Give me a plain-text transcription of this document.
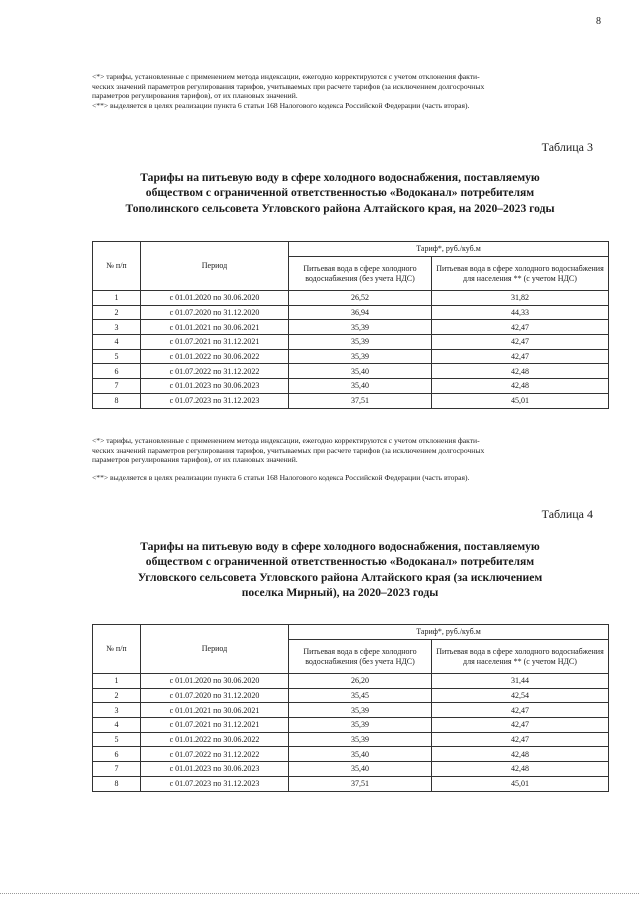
8
<*> тарифы, установленные с применением метода индексации, ежегодно корректируются с учетом отклонения факти-
ческих значений параметров регулирования тарифов, учитываемых при расчете тарифов (за исключением долгосрочных
параметров регулирования тарифов), от их плановых значений.
<**> выделяется в целях реализации пункта 6 статьи 168 Налогового кодекса Российской Федерации (часть вторая).
Таблица 3
Тарифы на питьевую воду в сфере холодного водоснабжения, поставляемую
обществом с ограниченной ответственностью «Водоканал» потребителям
Тополинского сельсовета Угловского района Алтайского края, на 2020–2023 годы
№ п/п	Период	Тариф*, руб./куб.м	
		Питьевая вода в сфере холодного водоснабжения (без учета НДС)	Питьевая вода в сфере холодного водоснабжения для населения ** (с учетом НДС)
1	с 01.01.2020 по 30.06.2020	26,52	31,82
2	с 01.07.2020 по 31.12.2020	36,94	44,33
3	с 01.01.2021 по 30.06.2021	35,39	42,47
4	с 01.07.2021 по 31.12.2021	35,39	42,47
5	с 01.01.2022 по 30.06.2022	35,39	42,47
6	с 01.07.2022 по 31.12.2022	35,40	42,48
7	с 01.01.2023 по 30.06.2023	35,40	42,48
8	с 01.07.2023 по 31.12.2023	37,51	45,01
<*> тарифы, установленные с применением метода индексации, ежегодно корректируются с учетом отклонения факти-
ческих значений параметров регулирования тарифов, учитываемых при расчете тарифов (за исключением долгосрочных
параметров регулирования тарифов), от их плановых значений.
<**> выделяется в целях реализации пункта 6 статьи 168 Налогового кодекса Российской Федерации (часть вторая).
Таблица 4
Тарифы на питьевую воду в сфере холодного водоснабжения, поставляемую
обществом с ограниченной ответственностью «Водоканал» потребителям
Угловского сельсовета Угловского района Алтайского края (за исключением
поселка Мирный), на 2020–2023 годы
№ п/п	Период	Тариф*, руб./куб.м	
		Питьевая вода в сфере холодного водоснабжения (без учета НДС)	Питьевая вода в сфере холодного водоснабжения для населения ** (с учетом НДС)
1	с 01.01.2020 по 30.06.2020	26,20	31,44
2	с 01.07.2020 по 31.12.2020	35,45	42,54
3	с 01.01.2021 по 30.06.2021	35,39	42,47
4	с 01.07.2021 по 31.12.2021	35,39	42,47
5	с 01.01.2022 по 30.06.2022	35,39	42,47
6	с 01.07.2022 по 31.12.2022	35,40	42,48
7	с 01.01.2023 по 30.06.2023	35,40	42,48
8	с 01.07.2023 по 31.12.2023	37,51	45,01
